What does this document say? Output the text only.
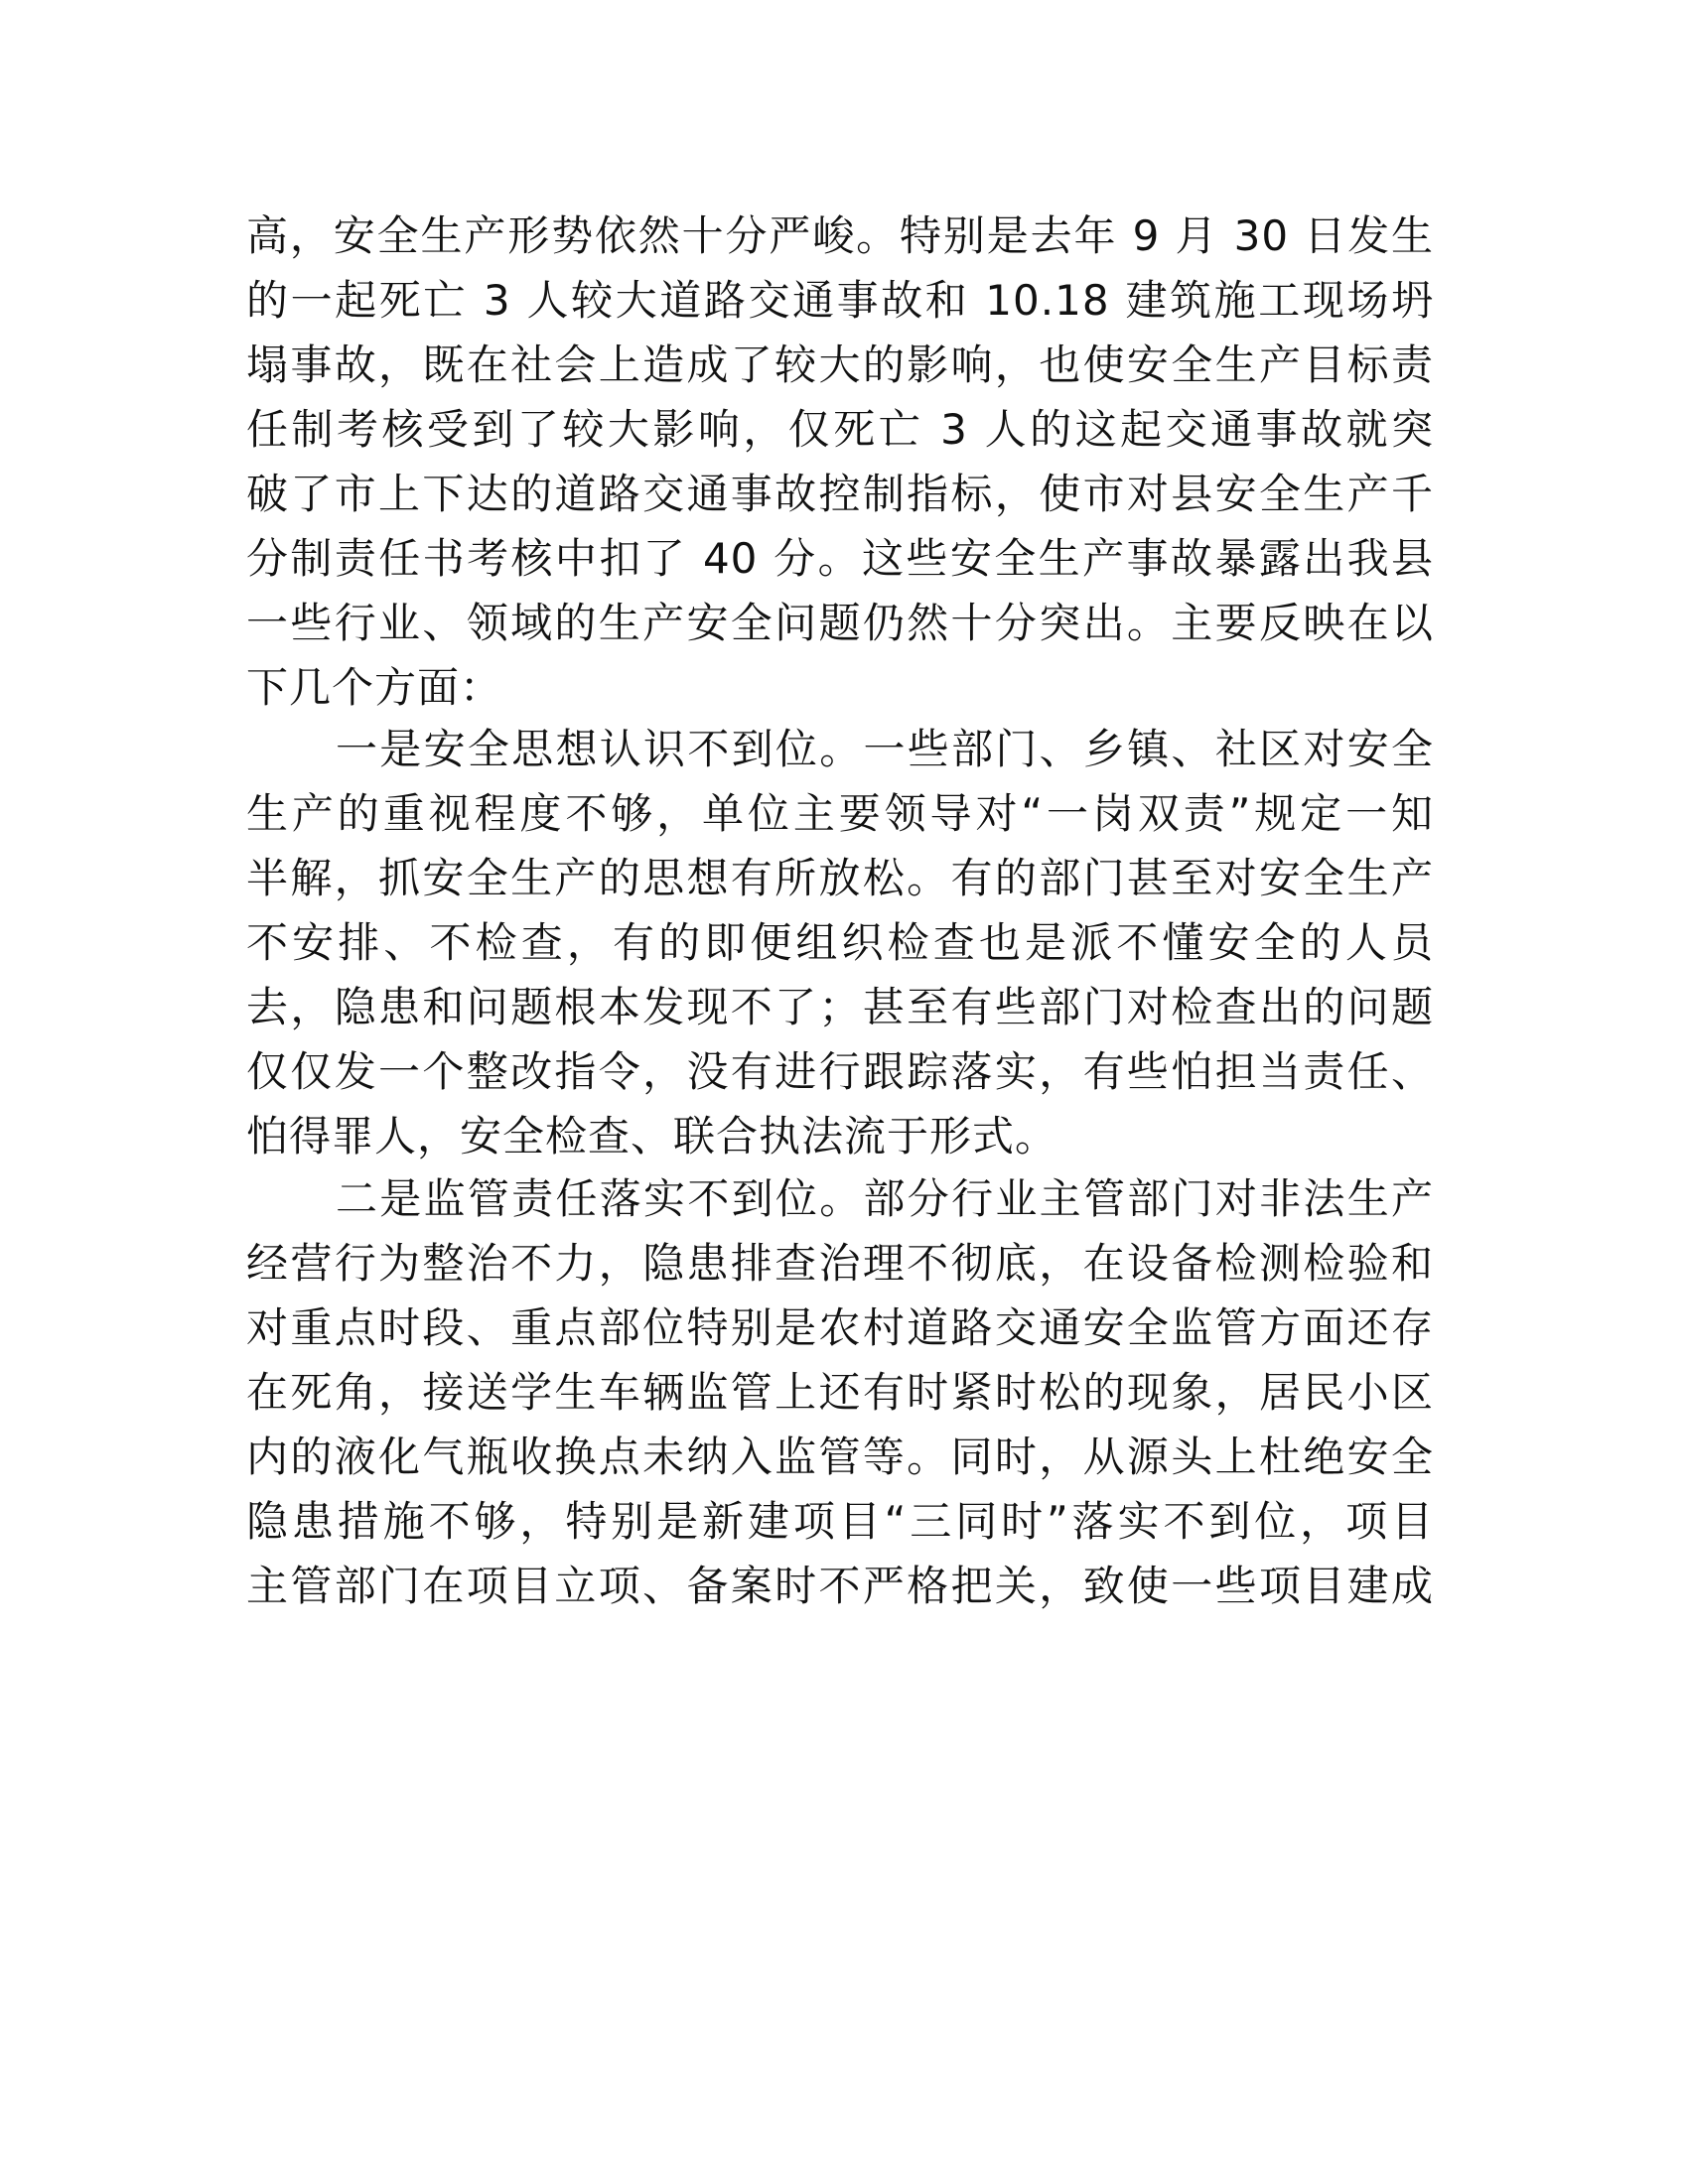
高，安全生产形势依然十分严峻。特别是去年 9 月 30 日发生
的一起死亡 3 人较大道路交通事故和 10.18 建筑施工现场坍
塌事故，既在社会上造成了较大的影响，也使安全生产目标责
任制考核受到了较大影响，仅死亡 3 人的这起交通事故就突
破了市上下达的道路交通事故控制指标，使市对县安全生产千
分制责任书考核中扣了 40 分。这些安全生产事故暴露出我县
一些行业、领域的生产安全问题仍然十分突出。主要反映在以
下几个方面：
一是安全思想认识不到位。一些部门、乡镇、社区对安全
生产的重视程度不够，单位主要领导对“一岗双责”规定一知
半解，抓安全生产的思想有所放松。有的部门甚至对安全生产
不安排、不检查，有的即便组织检查也是派不懂安全的人员
去，隐患和问题根本发现不了；甚至有些部门对检查出的问题
仅仅发一个整改指令，没有进行跟踪落实，有些怕担当责任、
怕得罪人，安全检查、联合执法流于形式。
二是监管责任落实不到位。部分行业主管部门对非法生产
经营行为整治不力，隐患排查治理不彻底，在设备检测检验和
对重点时段、重点部位特别是农村道路交通安全监管方面还存
在死角，接送学生车辆监管上还有时紧时松的现象，居民小区
内的液化气瓶收换点未纳入监管等。同时，从源头上杜绝安全
隐患措施不够，特别是新建项目“三同时”落实不到位，项目
主管部门在项目立项、备案时不严格把关，致使一些项目建成
